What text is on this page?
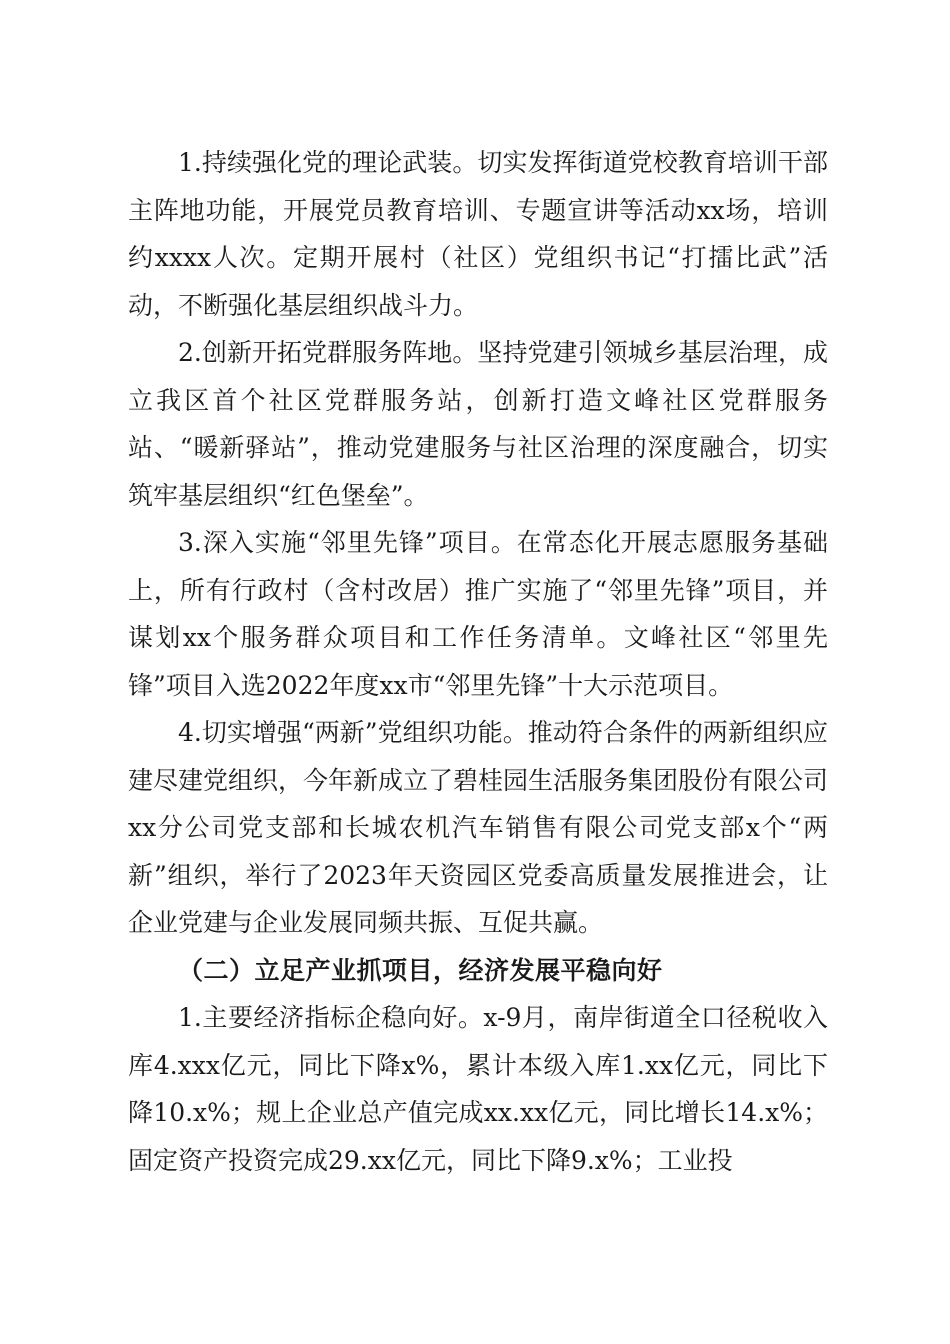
1.持续强化党的理论武装。切实发挥街道党校教育培训干部主阵地功能，开展党员教育培训、专题宣讲等活动xx场，培训约xxxx人次。定期开展村（社区）党组织书记“打擂比武”活动，不断强化基层组织战斗力。

2.创新开拓党群服务阵地。坚持党建引领城乡基层治理，成立我区首个社区党群服务站，创新打造文峰社区党群服务站、“暖新驿站”，推动党建服务与社区治理的深度融合，切实筑牢基层组织“红色堡垒”。

3.深入实施“邻里先锋”项目。在常态化开展志愿服务基础上，所有行政村（含村改居）推广实施了“邻里先锋”项目，并谋划xx个服务群众项目和工作任务清单。文峰社区“邻里先锋”项目入选2022年度xx市“邻里先锋”十大示范项目。

4.切实增强“两新”党组织功能。推动符合条件的两新组织应建尽建党组织，今年新成立了碧桂园生活服务集团股份有限公司xx分公司党支部和长城农机汽车销售有限公司党支部x个“两新”组织，举行了2023年天资园区党委高质量发展推进会，让企业党建与企业发展同频共振、互促共赢。

（二）立足产业抓项目，经济发展平稳向好

1.主要经济指标企稳向好。x-9月，南岸街道全口径税收入库4.xxx亿元，同比下降x%，累计本级入库1.xx亿元，同比下降10.x%；规上企业总产值完成xx.xx亿元，同比增长14.x%；固定资产投资完成29.xx亿元，同比下降9.x%；工业投
